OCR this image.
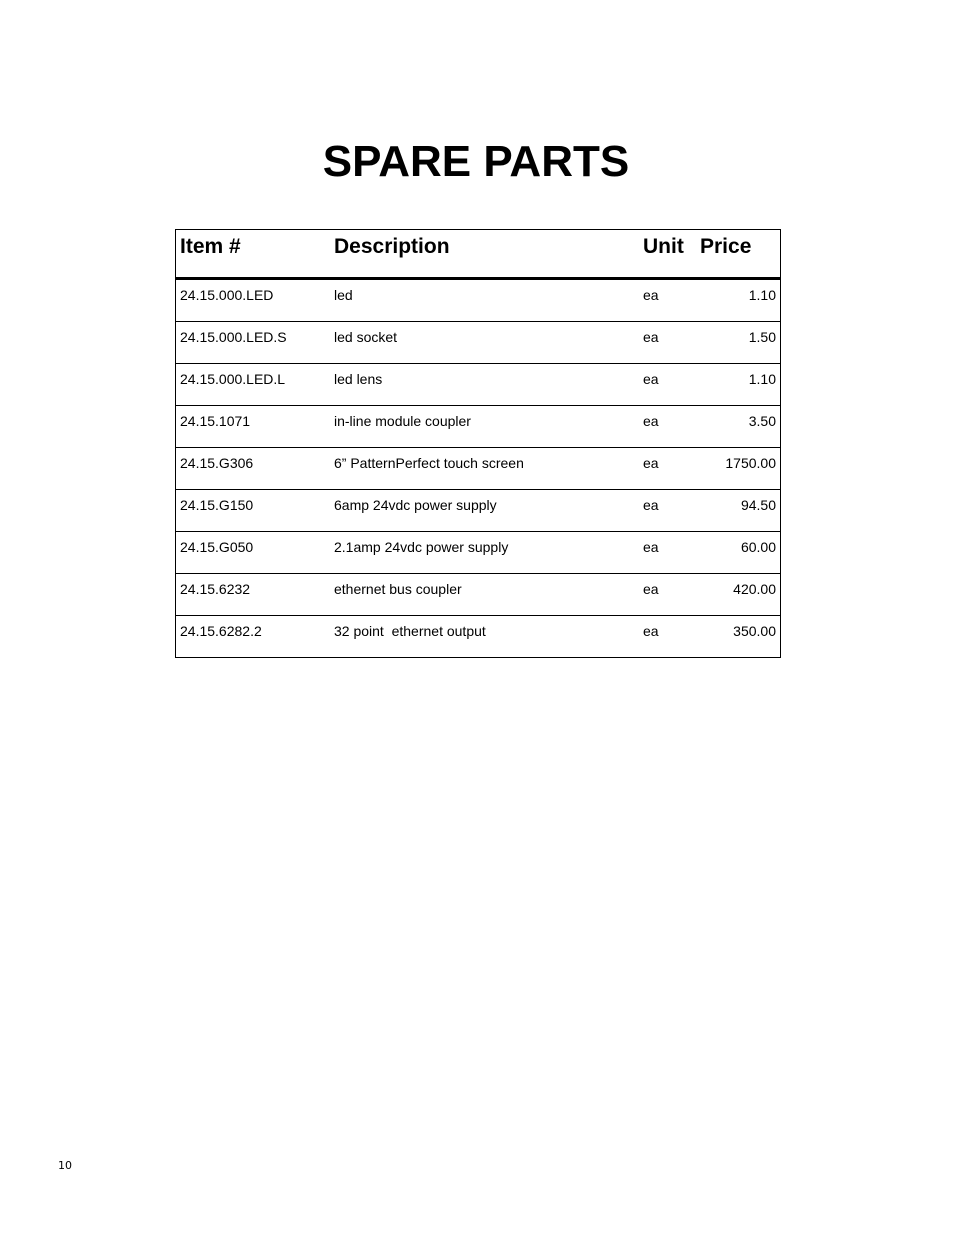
SPARE PARTS
Item #	Description	Unit Price
24.15.000.LED	led	ea	1.10
24.15.000.LED.S	led socket	ea	1.50
24.15.000.LED.L	led lens	ea	1.10
24.15.1071	in-line module coupler	ea	3.50
24.15.G306	6” PatternPerfect touch screen	ea	1750.00
24.15.G150	6amp 24vdc power supply	ea	94.50
24.15.G050	2.1amp 24vdc power supply	ea	60.00
24.15.6232	ethernet bus coupler	ea	420.00
24.15.6282.2	32 point  ethernet output	ea	350.00
10
